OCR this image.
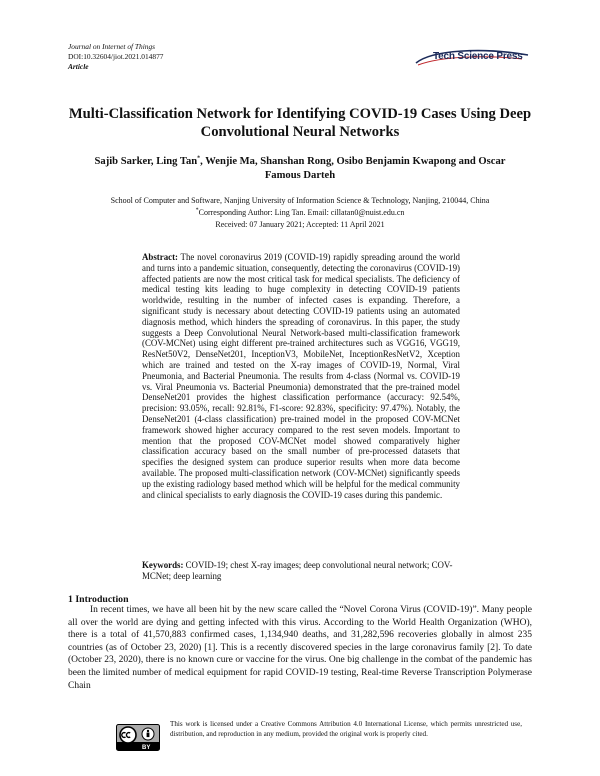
Journal on Internet of Things
DOI:10.32604/jiot.2021.014877
Article
Tech Science Press
Multi-Classification Network for Identifying COVID-19 Cases Using Deep Convolutional Neural Networks
Sajib Sarker, Ling Tan*, Wenjie Ma, Shanshan Rong, Osibo Benjamin Kwapong and Oscar
Famous Darteh
School of Computer and Software, Nanjing University of Information Science & Technology, Nanjing, 210044, China
*Corresponding Author: Ling Tan. Email: cillatan0@nuist.edu.cn
Received: 07 January 2021; Accepted: 11 April 2021
Abstract: The novel coronavirus 2019 (COVID-19) rapidly spreading around the world and turns into a pandemic situation, consequently, detecting the coronavirus (COVID-19) affected patients are now the most critical task for medical specialists. The deficiency of medical testing kits leading to huge complexity in detecting COVID-19 patients worldwide, resulting in the number of infected cases is expanding. Therefore, a significant study is necessary about detecting COVID-19 patients using an automated diagnosis method, which hinders the spreading of coronavirus. In this paper, the study suggests a Deep Convolutional Neural Network-based multi-classification framework (COV-MCNet) using eight different pre-trained architectures such as VGG16, VGG19, ResNet50V2, DenseNet201, InceptionV3, MobileNet, InceptionResNetV2, Xception which are trained and tested on the X-ray images of COVID-19, Normal, Viral Pneumonia, and Bacterial Pneumonia. The results from 4-class (Normal vs. COVID-19 vs. Viral Pneumonia vs. Bacterial Pneumonia) demonstrated that the pre-trained model DenseNet201 provides the highest classification performance (accuracy: 92.54%, precision: 93.05%, recall: 92.81%, F1-score: 92.83%, specificity: 97.47%). Notably, the DenseNet201 (4-class classification) pre-trained model in the proposed COV-MCNet framework showed higher accuracy compared to the rest seven models. Important to mention that the proposed COV-MCNet model showed comparatively higher classification accuracy based on the small number of pre-processed datasets that specifies the designed system can produce superior results when more data become available. The proposed multi-classification network (COV-MCNet) significantly speeds up the existing radiology based method which will be helpful for the medical community and clinical specialists to early diagnosis the COVID-19 cases during this pandemic.
Keywords: COVID-19; chest X-ray images; deep convolutional neural network; COV-MCNet; deep learning
1 Introduction
In recent times, we have all been hit by the new scare called the “Novel Corona Virus (COVID-19)”. Many people all over the world are dying and getting infected with this virus. According to the World Health Organization (WHO), there is a total of 41,570,883 confirmed cases, 1,134,940 deaths, and 31,282,596 recoveries globally in almost 235 countries (as of October 23, 2020) [1]. This is a recently discovered species in the large coronavirus family [2]. To date (October 23, 2020), there is no known cure or vaccine for the virus. One big challenge in the combat of the pandemic has been the limited number of medical equipment for rapid COVID-19 testing, Real-time Reverse Transcription Polymerase Chain
BY
This work is licensed under a Creative Commons Attribution 4.0 International License, which permits unrestricted use, distribution, and reproduction in any medium, provided the original work is properly cited.
